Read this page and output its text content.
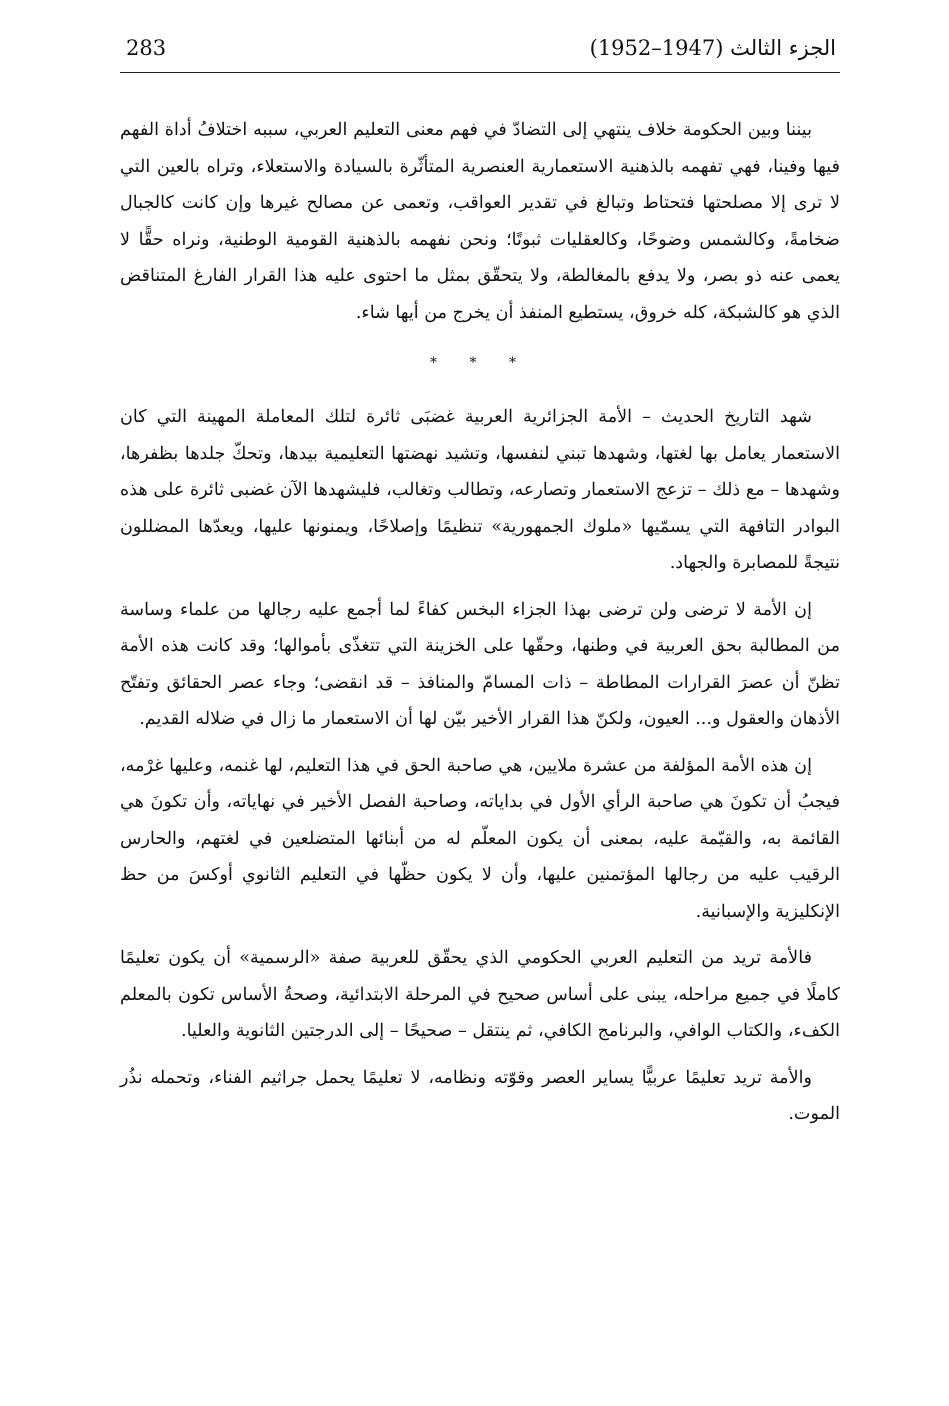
283	الجزء الثالث (1947–1952)

بيننا وبين الحكومة خلاف ينتهي إلى التضادّ في فهم معنى التعليم العربي، سببه اختلافُ أداة الفهم فيها وفينا، فهي تفهمه بالذهنية الاستعمارية العنصرية المتأثّرة بالسيادة والاستعلاء، وتراه بالعين التي لا ترى إلا مصلحتها فتحتاط وتبالغ في تقدير العواقب، وتعمى عن مصالح غيرها وإن كانت كالجبال ضخامةً، وكالشمس وضوحًا، وكالعقليات ثبوتًا؛ ونحن نفهمه بالذهنية القومية الوطنية، ونراه حقًّا لا يعمى عنه ذو بصر، ولا يدفع بالمغالطة، ولا يتحقّق بمثل ما احتوى عليه هذا القرار الفارغ المتناقض الذي هو كالشبكة، كله خروق، يستطيع المنفذ أن يخرج من أيها شاء.

* * *

شهد التاريخ الحديث – الأمة الجزائرية العربية غضبَى ثائرة لتلك المعاملة المهينة التي كان الاستعمار يعامل بها لغتها، وشهدها تبني لنفسها، وتشيد نهضتها التعليمية بيدها، وتحكّ جلدها بظفرها، وشهدها – مع ذلك – تزعج الاستعمار وتصارعه، وتطالب وتغالب، فليشهدها الآن غضبى ثائرة على هذه البوادر التافهة التي يسمّيها «ملوك الجمهورية» تنظيمًا وإصلاحًا، ويمنونها عليها، ويعدّها المضللون نتيجةً للمصابرة والجهاد.

إن الأمة لا ترضى ولن ترضى بهذا الجزاء البخس كفاءً لما أجمع عليه رجالها من علماء وساسة من المطالبة بحق العربية في وطنها، وحقّها على الخزينة التي تتغذّى بأموالها؛ وقد كانت هذه الأمة تظنّ أن عصرَ القرارات المطاطة – ذات المسامّ والمنافذ – قد انقضى؛ وجاء عصر الحقائق وتفتّح الأذهان والعقول و... العيون، ولكنّ هذا القرار الأخير بيّن لها أن الاستعمار ما زال في ضلاله القديم.

إن هذه الأمة المؤلفة من عشرة ملايين، هي صاحبة الحق في هذا التعليم، لها غنمه، وعليها غرْمه، فيجبُ أن تكونَ هي صاحبة الرأي الأول في بداياته، وصاحبة الفصل الأخير في نهاياته، وأن تكونَ هي القائمة به، والقيّمة عليه، بمعنى أن يكون المعلّم له من أبنائها المتضلعين في لغتهم، والحارس الرقيب عليه من رجالها المؤتمنين عليها، وأن لا يكون حظّها في التعليم الثانوي أوكسَ من حظ الإنكليزية والإسبانية.

فالأمة تريد من التعليم العربي الحكومي الذي يحقّق للعربية صفة «الرسمية» أن يكون تعليمًا كاملًا في جميع مراحله، يبنى على أساس صحيح في المرحلة الابتدائية، وصحةُ الأساس تكون بالمعلم الكفء، والكتاب الوافي، والبرنامج الكافي، ثم ينتقل – صحيحًا – إلى الدرجتين الثانوية والعليا.

والأمة تريد تعليمًا عربيًّا يساير العصر وقوّته ونظامه، لا تعليمًا يحمل جراثيم الفناء، وتحمله نذُر الموت.
